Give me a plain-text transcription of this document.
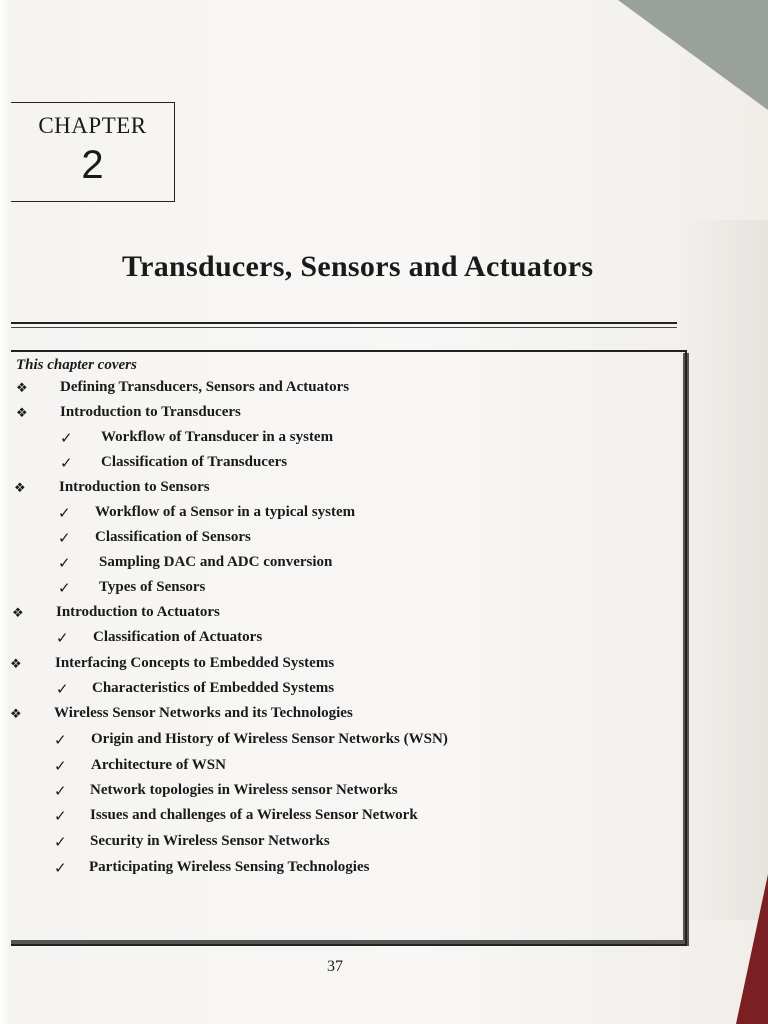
CHAPTER
2
Transducers, Sensors and Actuators
This chapter covers
❖ Defining Transducers, Sensors and Actuators
❖ Introduction to Transducers
✓ Workflow of Transducer in a system
✓ Classification of Transducers
❖ Introduction to Sensors
✓ Workflow of a Sensor in a typical system
✓ Classification of Sensors
✓ Sampling DAC and ADC conversion
✓ Types of Sensors
❖ Introduction to Actuators
✓ Classification of Actuators
❖ Interfacing Concepts to Embedded Systems
✓ Characteristics of Embedded Systems
❖ Wireless Sensor Networks and its Technologies
✓ Origin and History of Wireless Sensor Networks (WSN)
✓ Architecture of WSN
✓ Network topologies in Wireless sensor Networks
✓ Issues and challenges of a Wireless Sensor Network
✓ Security in Wireless Sensor Networks
✓ Participating Wireless Sensing Technologies
37
